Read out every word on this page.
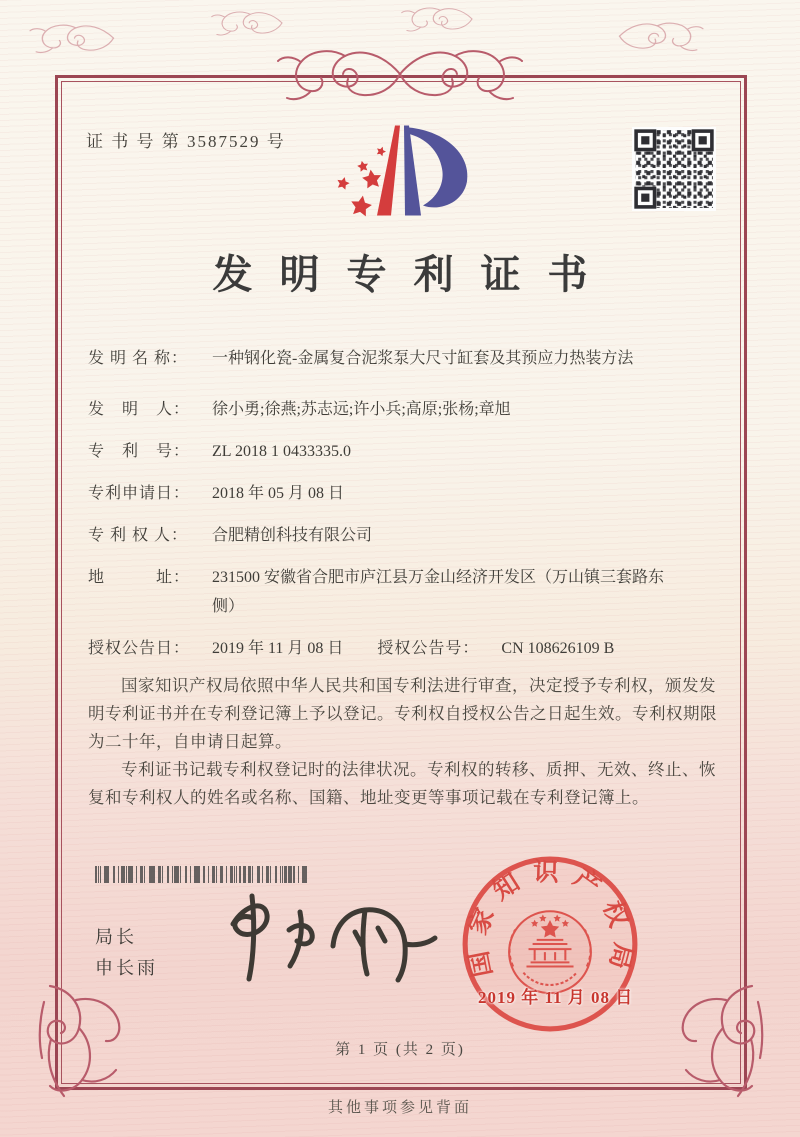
证 书 号 第 3587529 号
发明专利证书
发 明 名 称：	一种钢化瓷-金属复合泥浆泵大尺寸缸套及其预应力热装方法
发　明　人：	徐小勇;徐燕;苏志远;许小兵;高原;张杨;章旭
专　利　号：	ZL 2018 1 0433335.0
专利申请日：	2018 年 05 月 08 日
专 利 权 人：	合肥精创科技有限公司
地　　　址：	231500 安徽省合肥市庐江县万金山经济开发区（万山镇三套路东侧）
授权公告日：	2019 年 11 月 08 日 授权公告号：	CN 108626109 B

国家知识产权局依照中华人民共和国专利法进行审查，决定授予专利权，颁发发明专利证书并在专利登记簿上予以登记。专利权自授权公告之日起生效。专利权期限为二十年，自申请日起算。

专利证书记载专利权登记时的法律状况。专利权的转移、质押、无效、终止、恢复和专利权人的姓名或名称、国籍、地址变更等事项记载在专利登记簿上。

局长
申长雨	国家知识产权局
2019 年 11 月 08 日
第 1 页 (共 2 页)
其他事项参见背面
